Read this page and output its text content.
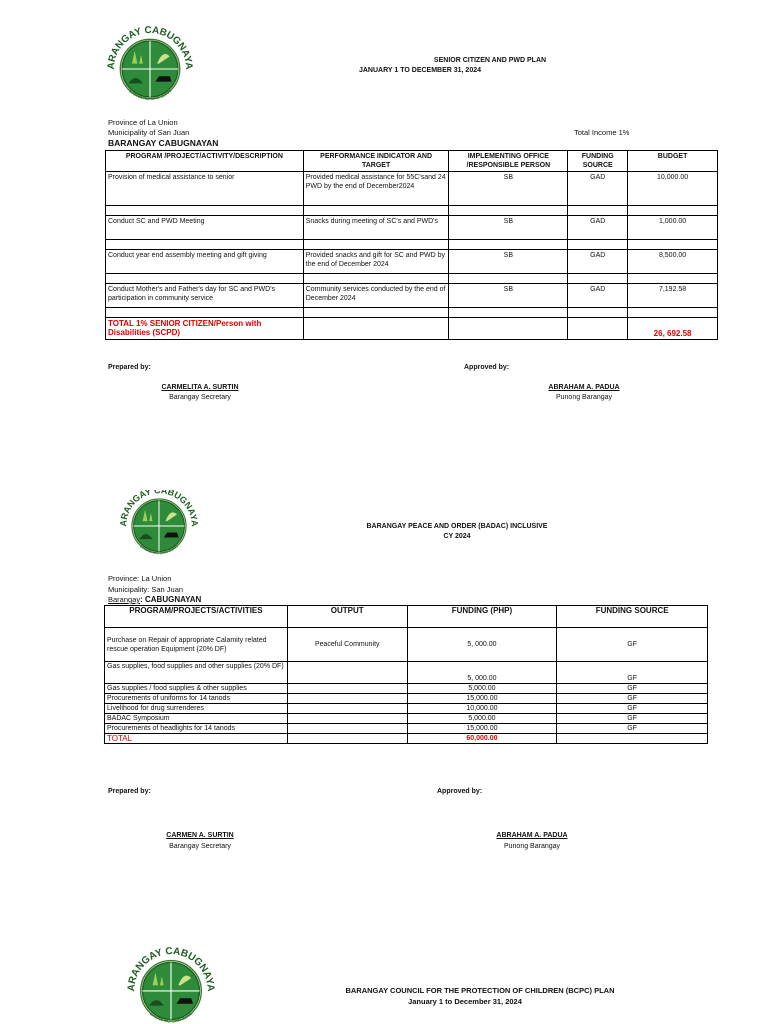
ARANGAY CABUGNAYA
BAYAN NG SAN JUAN
SENIOR CITIZEN AND PWD PLAN
JANUARY 1 TO DECEMBER 31, 2024
Province of La Union
Municipality of San Juan	Total Income 1%
BARANGAY CABUGNAYAN
PROGRAM /PROJECT/ACTIVITY/DESCRIPTION	PERFORMANCE INDICATOR AND TARGET	IMPLEMENTING OFFICE /RESPONSIBLE PERSON	FUNDING SOURCE	BUDGET
Provision of medical assistance to senior	Provided medical assistance for 55C'sand 24 PWD by the end of December2024	SB	GAD	10,000.00

Conduct SC and PWD Meeting	Snacks during meeting of SC's and PWD's	SB	GAD	1,000.00

Conduct year end assembly meeting and gift giving	Provided snacks and gift for SC and PWD by the end of December 2024	SB	GAD	8,500.00

Conduct Mother's and Father's day for SC and PWD's participation in community service	Community services conducted by the end of December 2024	SB	GAD	7,192.58

TOTAL 1% SENIOR CITIZEN/Person with Disabilities (SCPD)				26, 692.58
Prepared by:	Approved by:
CARMELITA A. SURTIN
Barangay Secretary
ABRAHAM A. PADUA
Punong Barangay
ARANGAY CABUGNAYA
BAYAN NG SAN JUAN
BARANGAY PEACE AND ORDER (BADAC) INCLUSIVE
CY 2024
Province: La Union
Municipality: San Juan
Barangay: CABUGNAYAN
PROGRAM/PROJECTS/ACTIVITIES	OUTPUT	FUNDING (PHP)	FUNDING SOURCE
Purchase on Repair of appropriate Calamity related rescue operation Equipment (20% DF)	Peaceful Community	5, 000.00	GF
Gas supplies, food supplies and other supplies (20% DF)		5, 000.00	GF
Gas supplies / food supplies & other supplies		5,000.00	GF
Procurements of uniforms for 14 tanods		15,000.00	GF
Livelihood for drug surrenderes		10,000.00	GF
BADAC Symposium		5,000.00	GF
Procurements of headlights for 14 tanods		15,000.00	GF
TOTAL		60,000.00	
Prepared by:	Approved by:
CARMEN A. SURTIN
Barangay Secretary
ABRAHAM A. PADUA
Punong Barangay
ARANGAY CABUGNAYA
BAYAN NG SAN JUAN
BARANGAY COUNCIL FOR THE PROTECTION OF CHILDREN (BCPC) PLAN
January 1 to December 31, 2024
